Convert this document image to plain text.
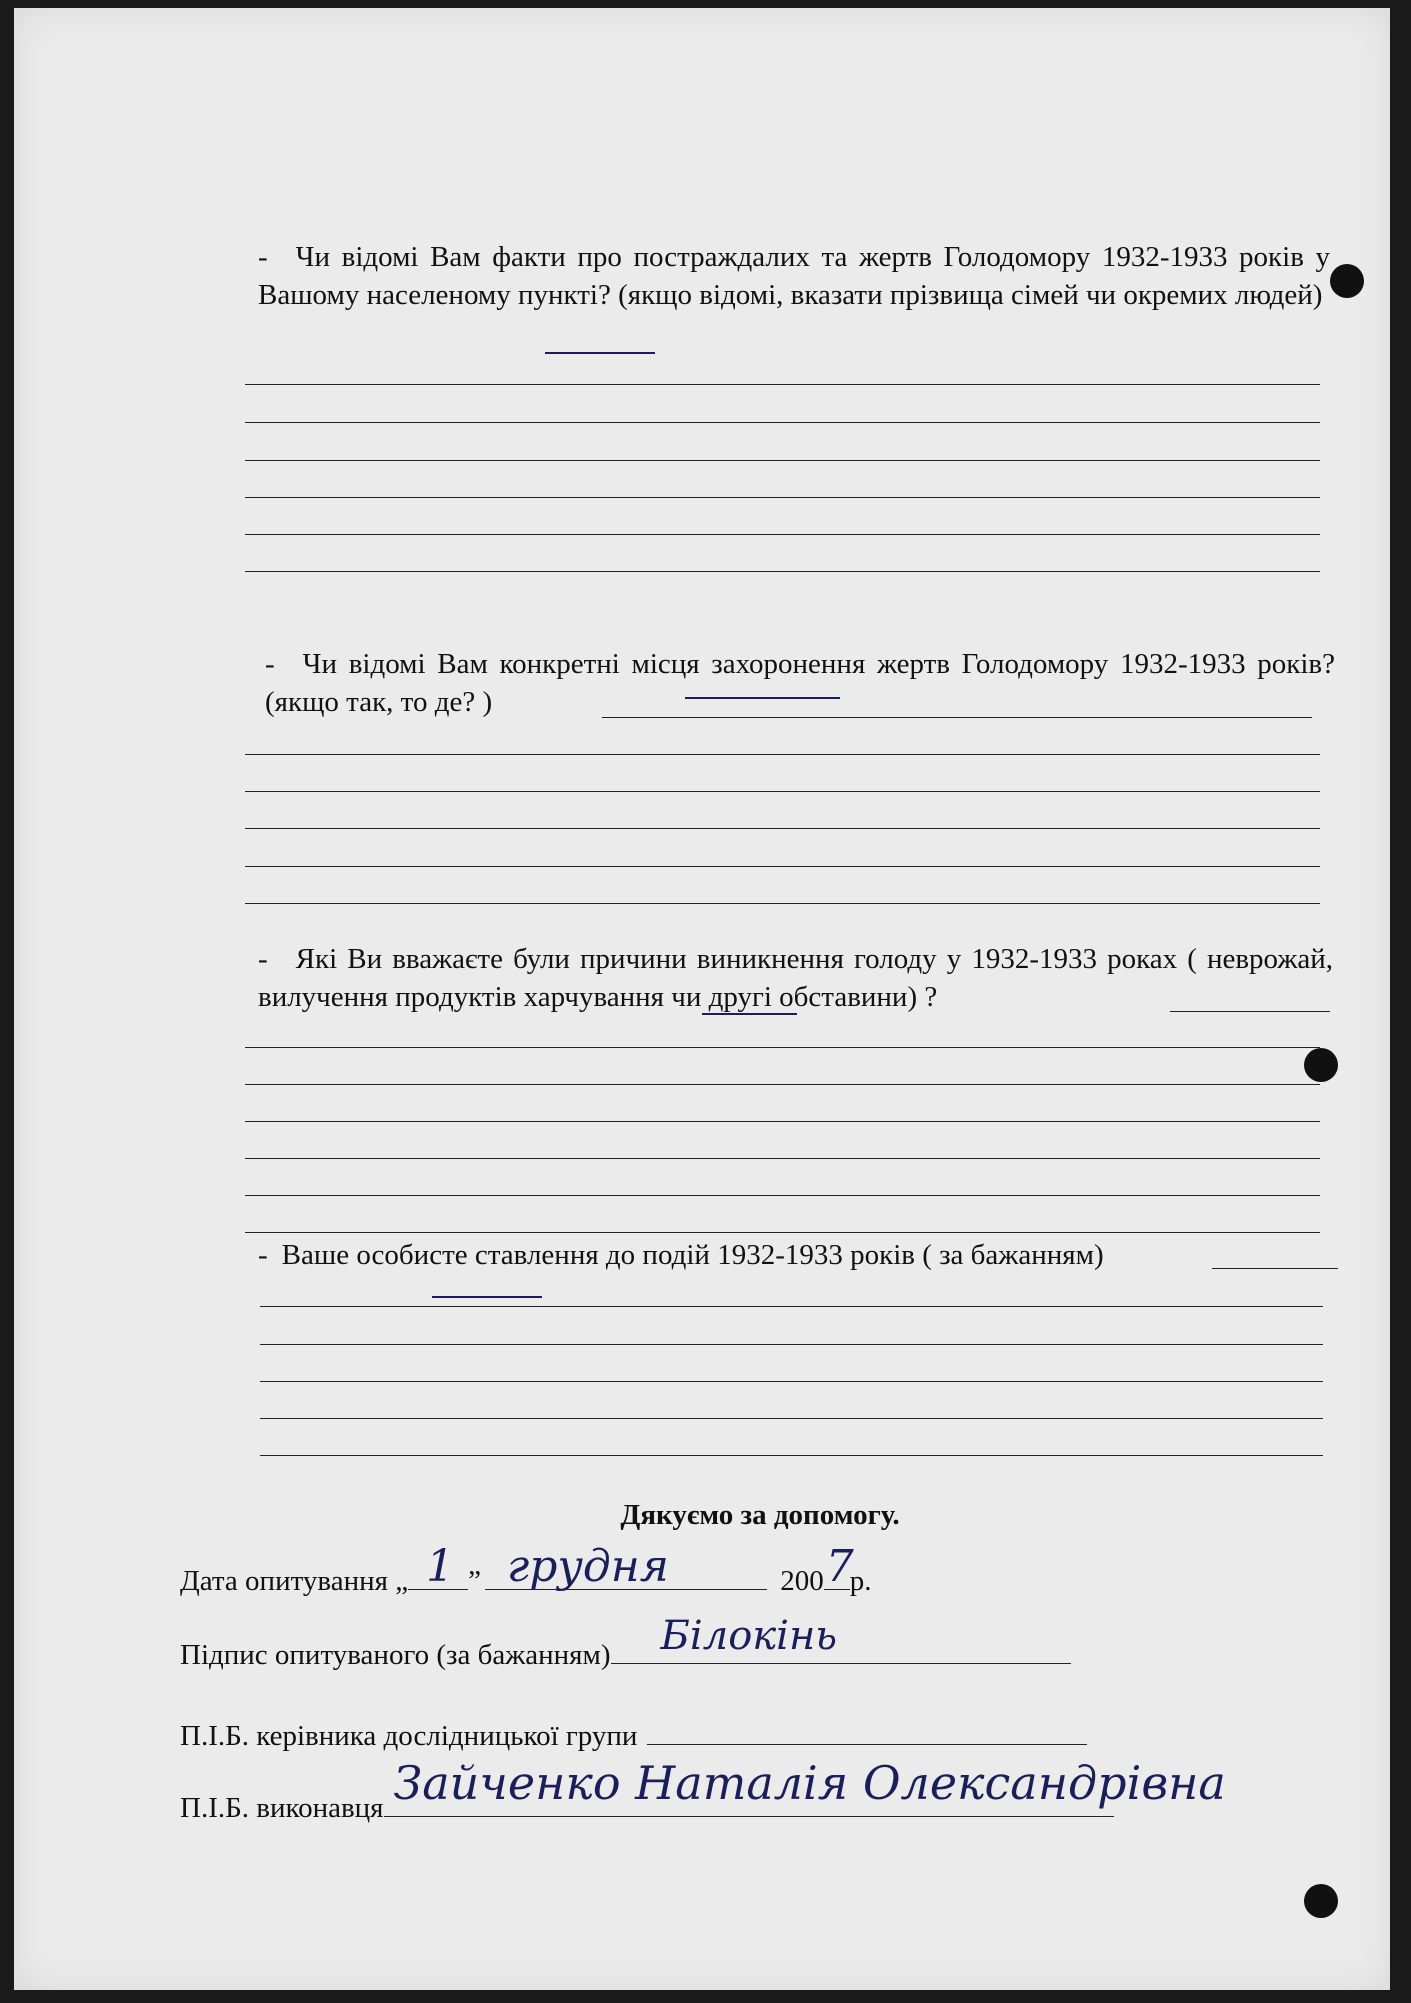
- Чи відомі Вам факти про постраждалих та жертв Голодомору 1932-1933 років у Вашому населеному пункті? (якщо відомі, вказати прізвища сімей чи окремих людей)
- Чи відомі Вам конкретні місця захоронення жертв Голодомору 1932-1933 років? (якщо так, то де? )
- Які Ви вважаєте були причини виникнення голоду у 1932-1933 роках ( неврожай, вилучення продуктів харчування чи другі обставини) ?
- Ваше особисте ставлення до подій 1932-1933 років ( за бажанням)
Дякуємо за допомогу.
Дата опитування „ 1 ” грудня	200 7
р.
Підпис опитуваного (за бажанням) Білокінь
П.І.Б. керівника дослідницької групи
П.І.Б. виконавця Зайченко Наталія Олександрівна
